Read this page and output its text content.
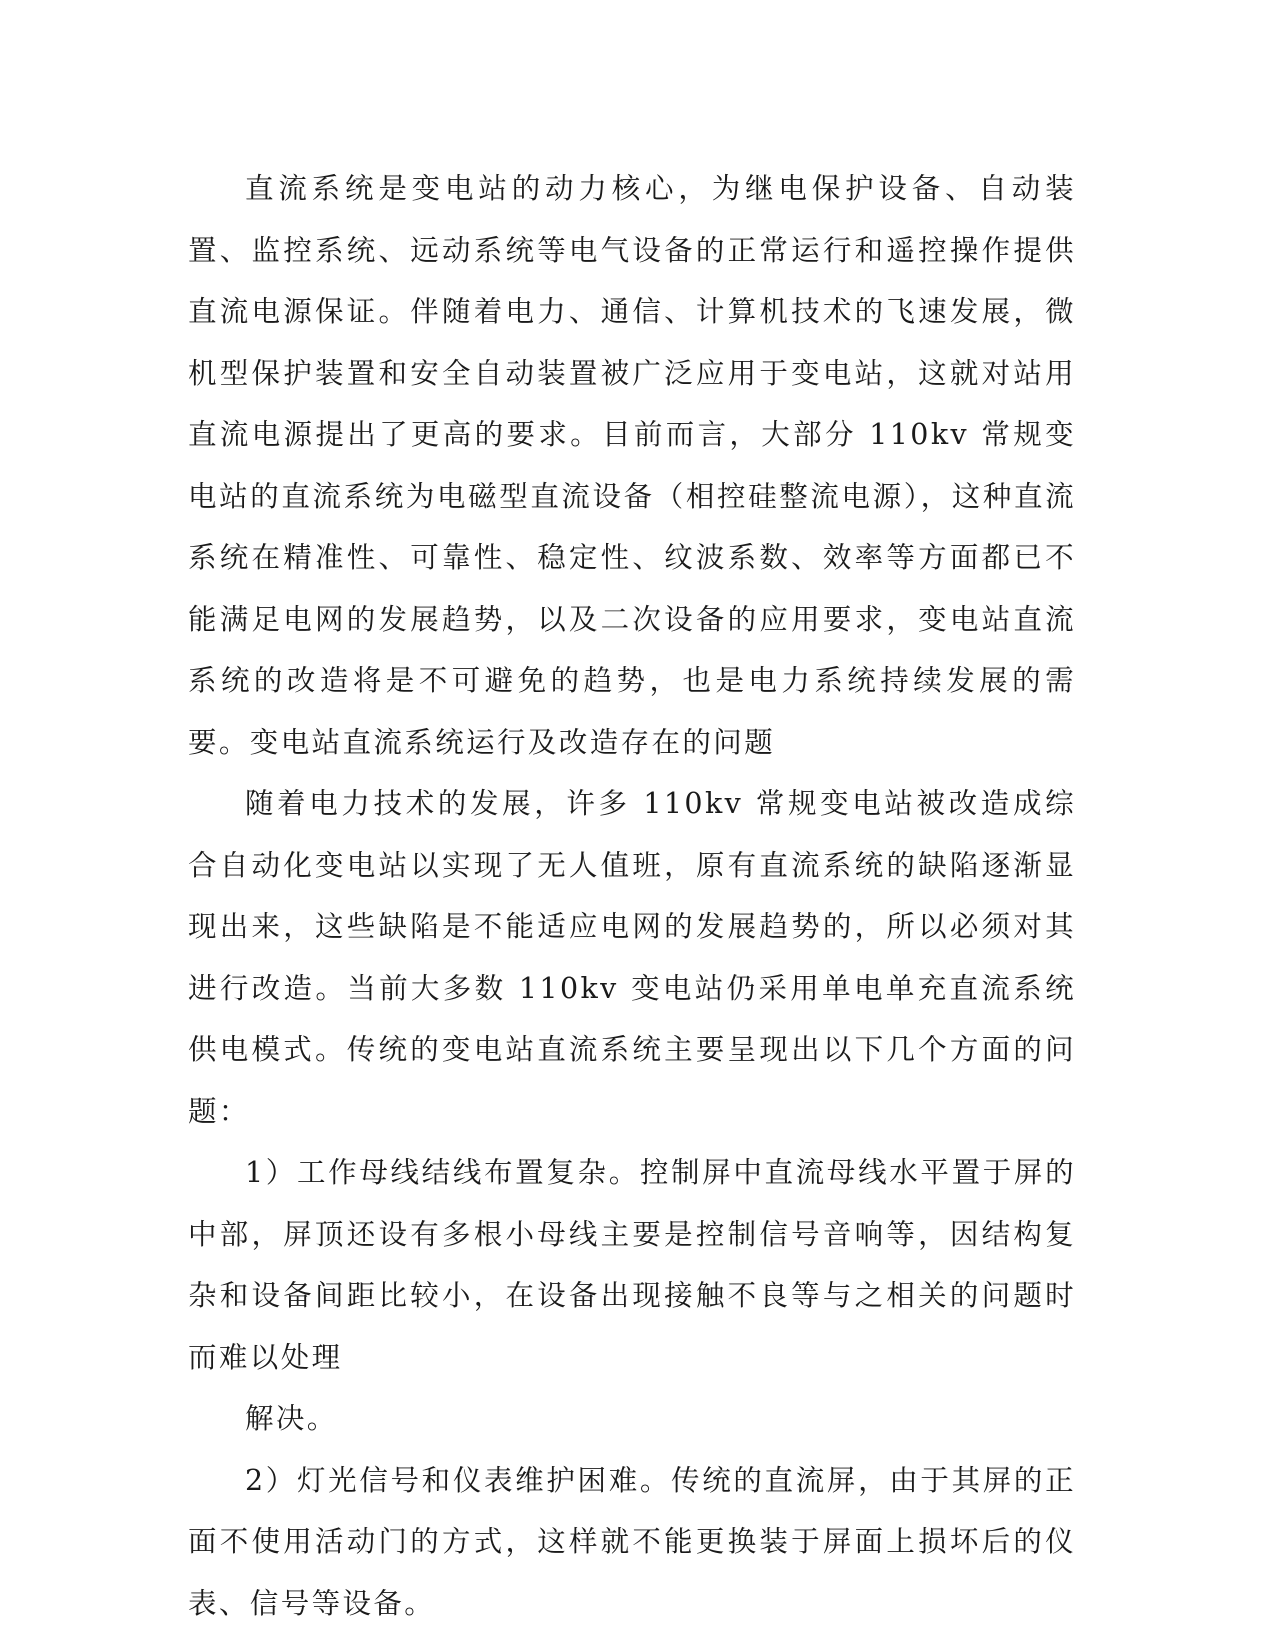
直流系统是变电站的动力核心，为继电保护设备、自动装置、监控系统、远动系统等电气设备的正常运行和遥控操作提供直流电源保证。伴随着电力、通信、计算机技术的飞速发展，微机型保护装置和安全自动装置被广泛应用于变电站，这就对站用直流电源提出了更高的要求。目前而言，大部分 110kv 常规变电站的直流系统为电磁型直流设备（相控硅整流电源），这种直流系统在精准性、可靠性、稳定性、纹波系数、效率等方面都已不能满足电网的发展趋势，以及二次设备的应用要求，变电站直流系统的改造将是不可避免的趋势，也是电力系统持续发展的需要。变电站直流系统运行及改造存在的问题

随着电力技术的发展，许多 110kv 常规变电站被改造成综合自动化变电站以实现了无人值班，原有直流系统的缺陷逐渐显现出来，这些缺陷是不能适应电网的发展趋势的，所以必须对其进行改造。当前大多数 110kv 变电站仍采用单电单充直流系统供电模式。传统的变电站直流系统主要呈现出以下几个方面的问题：

1）工作母线结线布置复杂。控制屏中直流母线水平置于屏的中部，屏顶还设有多根小母线主要是控制信号音响等，因结构复杂和设备间距比较小，在设备出现接触不良等与之相关的问题时而难以处理

解决。

2）灯光信号和仪表维护困难。传统的直流屏，由于其屏的正面不使用活动门的方式，这样就不能更换装于屏面上损坏后的仪表、信号等设备。
